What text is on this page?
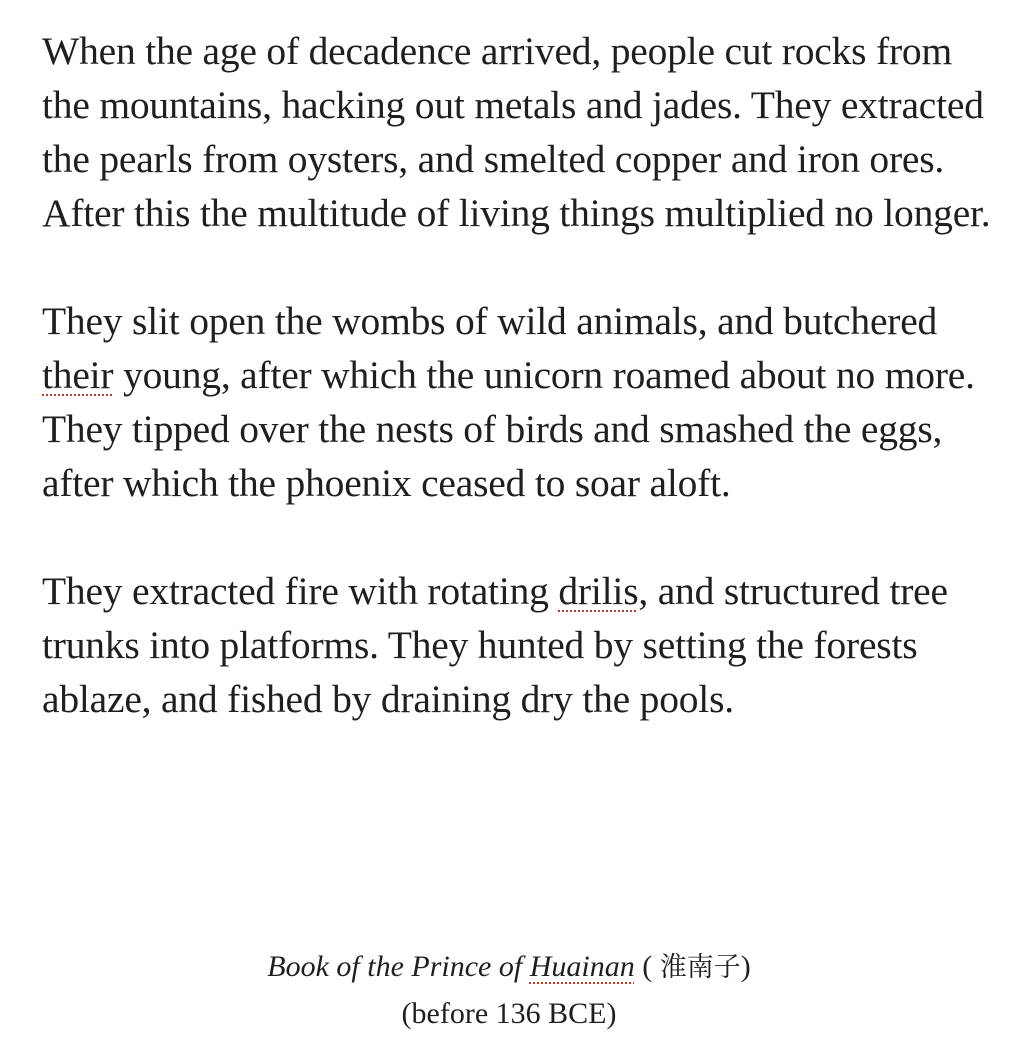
When the age of decadence arrived, people cut rocks from the mountains, hacking out metals and jades. They extracted the pearls from oysters, and smelted copper and iron ores. After this the multitude of living things multiplied no longer.

They slit open the wombs of wild animals, and butchered their young, after which the unicorn roamed about no more. They tipped over the nests of birds and smashed the eggs, after which the phoenix ceased to soar aloft.

They extracted fire with rotating drilis, and structured tree trunks into platforms. They hunted by setting the forests ablaze, and fished by draining dry the pools.

Book of the Prince of Huainan ( 淮南子)
(before 136 BCE)
